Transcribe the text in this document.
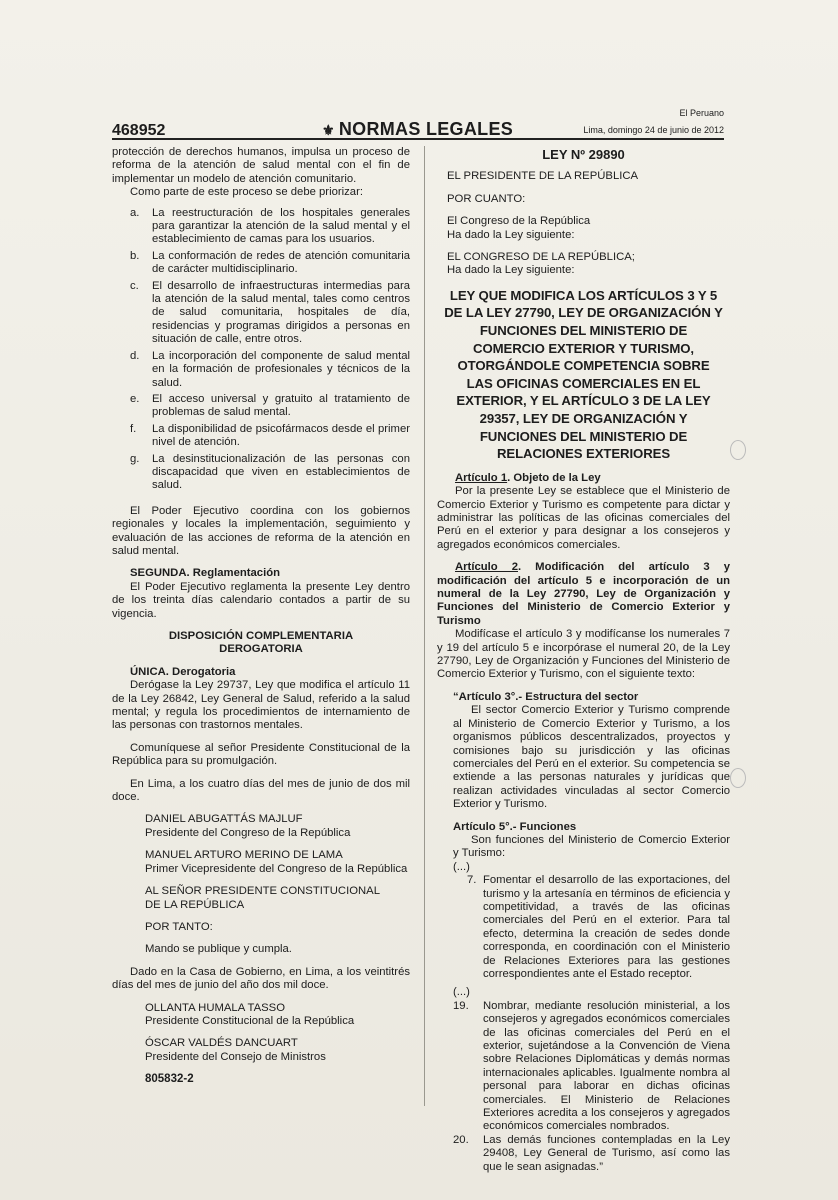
468952	⚜ NORMAS LEGALES
El Peruano
Lima, domingo 24 de junio de 2012

protección de derechos humanos, impulsa un proceso de reforma de la atención de salud mental con el fin de implementar un modelo de atención comunitario.

Como parte de este proceso se debe priorizar:

a. La reestructuración de los hospitales generales para garantizar la atención de la salud mental y el establecimiento de camas para los usuarios.
b. La conformación de redes de atención comunitaria de carácter multidisciplinario.
c. El desarrollo de infraestructuras intermedias para la atención de la salud mental, tales como centros de salud comunitaria, hospitales de día, residencias y programas dirigidos a personas en situación de calle, entre otros.
d. La incorporación del componente de salud mental en la formación de profesionales y técnicos de la salud.
e. El acceso universal y gratuito al tratamiento de problemas de salud mental.
f. La disponibilidad de psicofármacos desde el primer nivel de atención.
g. La desinstitucionalización de las personas con discapacidad que viven en establecimientos de salud.

El Poder Ejecutivo coordina con los gobiernos regionales y locales la implementación, seguimiento y evaluación de las acciones de reforma de la atención en salud mental.

SEGUNDA. Reglamentación

El Poder Ejecutivo reglamenta la presente Ley dentro de los treinta días calendario contados a partir de su vigencia.

DISPOSICIÓN COMPLEMENTARIA

DEROGATORIA

ÚNICA. Derogatoria

Derógase la Ley 29737, Ley que modifica el artículo 11 de la Ley 26842, Ley General de Salud, referido a la salud mental; y regula los procedimientos de internamiento de las personas con trastornos mentales.

Comuníquese al señor Presidente Constitucional de la República para su promulgación.

En Lima, a los cuatro días del mes de junio de dos mil doce.

DANIEL ABUGATTÁS MAJLUF

Presidente del Congreso de la República

MANUEL ARTURO MERINO DE LAMA

Primer Vicepresidente del Congreso de la República

AL SEÑOR PRESIDENTE CONSTITUCIONAL

DE LA REPÚBLICA

POR TANTO:

Mando se publique y cumpla.

Dado en la Casa de Gobierno, en Lima, a los veintitrés días del mes de junio del año dos mil doce.

OLLANTA HUMALA TASSO

Presidente Constitucional de la República

ÓSCAR VALDÉS DANCUART

Presidente del Consejo de Ministros

805832-2

LEY Nº 29890

EL PRESIDENTE DE LA REPÚBLICA

POR CUANTO:

El Congreso de la República

Ha dado la Ley siguiente:

EL CONGRESO DE LA REPÚBLICA;

Ha dado la Ley siguiente:

LEY QUE MODIFICA LOS ARTÍCULOS 3 Y 5 DE LA LEY 27790, LEY DE ORGANIZACIÓN Y FUNCIONES DEL MINISTERIO DE COMERCIO EXTERIOR Y TURISMO, OTORGÁNDOLE COMPETENCIA SOBRE LAS OFICINAS COMERCIALES EN EL EXTERIOR, Y EL ARTÍCULO 3 DE LA LEY 29357, LEY DE ORGANIZACIÓN Y FUNCIONES DEL MINISTERIO DE RELACIONES EXTERIORES

Artículo 1. Objeto de la Ley

Por la presente Ley se establece que el Ministerio de Comercio Exterior y Turismo es competente para dictar y administrar las políticas de las oficinas comerciales del Perú en el exterior y para designar a los consejeros y agregados económicos comerciales.

Artículo 2. Modificación del artículo 3 y modificación del artículo 5 e incorporación de un numeral de la Ley 27790, Ley de Organización y Funciones del Ministerio de Comercio Exterior y Turismo

Modifícase el artículo 3 y modifícanse los numerales 7 y 19 del artículo 5 e incorpórase el numeral 20, de la Ley 27790, Ley de Organización y Funciones del Ministerio de Comercio Exterior y Turismo, con el siguiente texto:

“Artículo 3°.- Estructura del sector

El sector Comercio Exterior y Turismo comprende al Ministerio de Comercio Exterior y Turismo, a los organismos públicos descentralizados, proyectos y comisiones bajo su jurisdicción y las oficinas comerciales del Perú en el exterior. Su competencia se extiende a las personas naturales y jurídicas que realizan actividades vinculadas al sector Comercio Exterior y Turismo.

Artículo 5°.- Funciones

Son funciones del Ministerio de Comercio Exterior y Turismo:

(...)

7. Fomentar el desarrollo de las exportaciones, del turismo y la artesanía en términos de eficiencia y competitividad, a través de las oficinas comerciales del Perú en el exterior. Para tal efecto, determina la creación de sedes donde corresponda, en coordinación con el Ministerio de Relaciones Exteriores para las gestiones correspondientes ante el Estado receptor.

(...)

19. Nombrar, mediante resolución ministerial, a los consejeros y agregados económicos comerciales de las oficinas comerciales del Perú en el exterior, sujetándose a la Convención de Viena sobre Relaciones Diplomáticas y demás normas internacionales aplicables. Igualmente nombra al personal para laborar en dichas oficinas comerciales. El Ministerio de Relaciones Exteriores acredita a los consejeros y agregados económicos comerciales nombrados.

20. Las demás funciones contempladas en la Ley 29408, Ley General de Turismo, así como las que le sean asignadas.”
